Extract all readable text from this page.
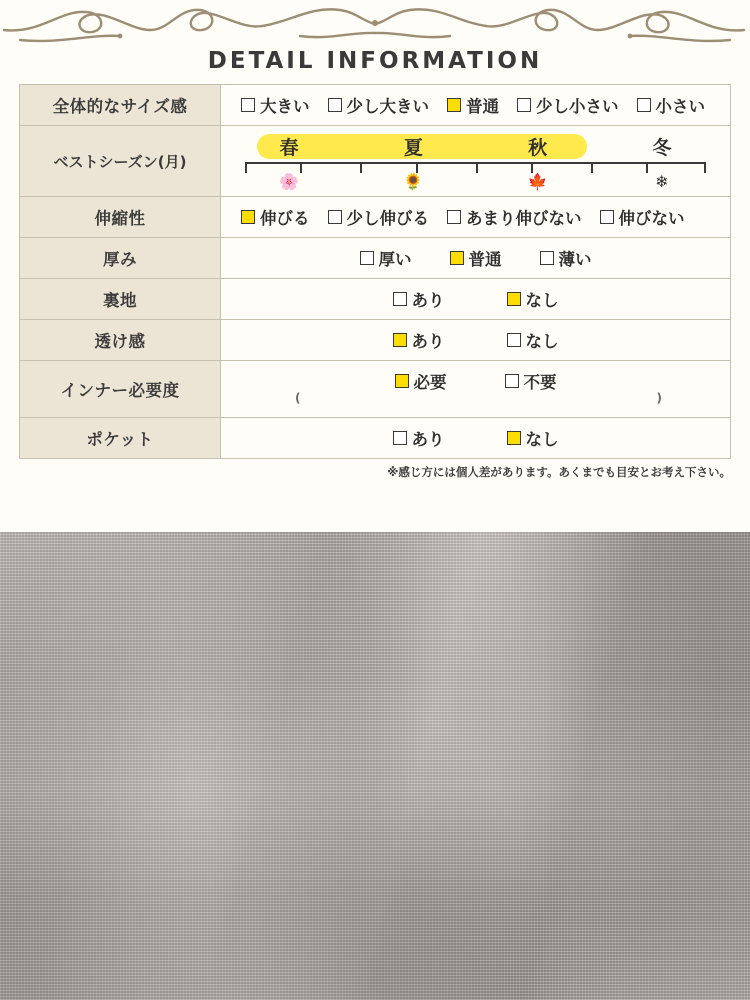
DETAIL INFORMATION
全体的なサイズ感	大きい 少し大きい 普通 少し小さい 小さい

ベストシーズン(月)	
春	夏	秋	冬
🌸	🌻	🍁	❄

伸縮性	伸びる 少し伸びる あまり伸びない 伸びない

厚み	厚い 普通 薄い

裏地	あり なし

透け感	あり なし

インナー必要度	必要 不要
( )

ポケット	あり なし
※感じ方には個人差があります。あくまでも目安とお考え下さい。
